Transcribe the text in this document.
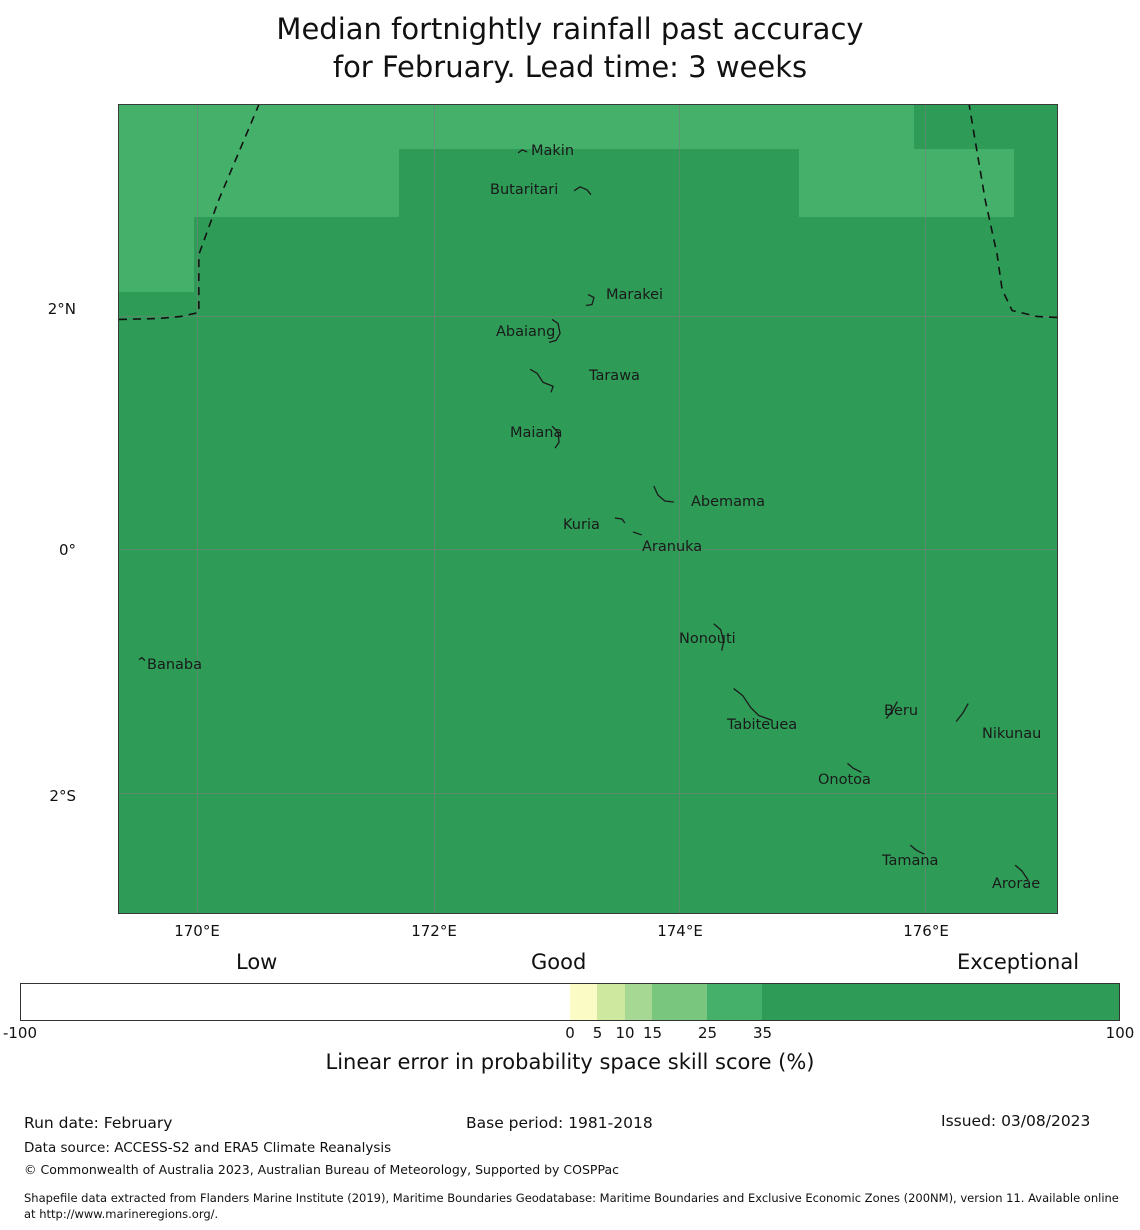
Median fortnightly rainfall past accuracy
for February. Lead time: 3 weeks
Makin
Butaritari
Marakei
Abaiang
Tarawa
Maiana
Abemama
Kuria
Aranuka
Nonouti
Banaba
Tabiteuea
Beru
Nikunau
Onotoa
Tamana
Arorae
2°N
0°
2°S
170°E	172°E	174°E	176°E
Low	Good	Exceptional
-100	0	5 10 15	25	35	100
Linear error in probability space skill score (%)
Run date: February	Base period: 1981-2018	Issued: 03/08/2023
Data source: ACCESS-S2 and ERA5 Climate Reanalysis
© Commonwealth of Australia 2023, Australian Bureau of Meteorology, Supported by COSPPac
Shapefile data extracted from Flanders Marine Institute (2019), Maritime Boundaries Geodatabase: Maritime Boundaries and Exclusive Economic Zones (200NM), version 11. Available online at http://www.marineregions.org/.
